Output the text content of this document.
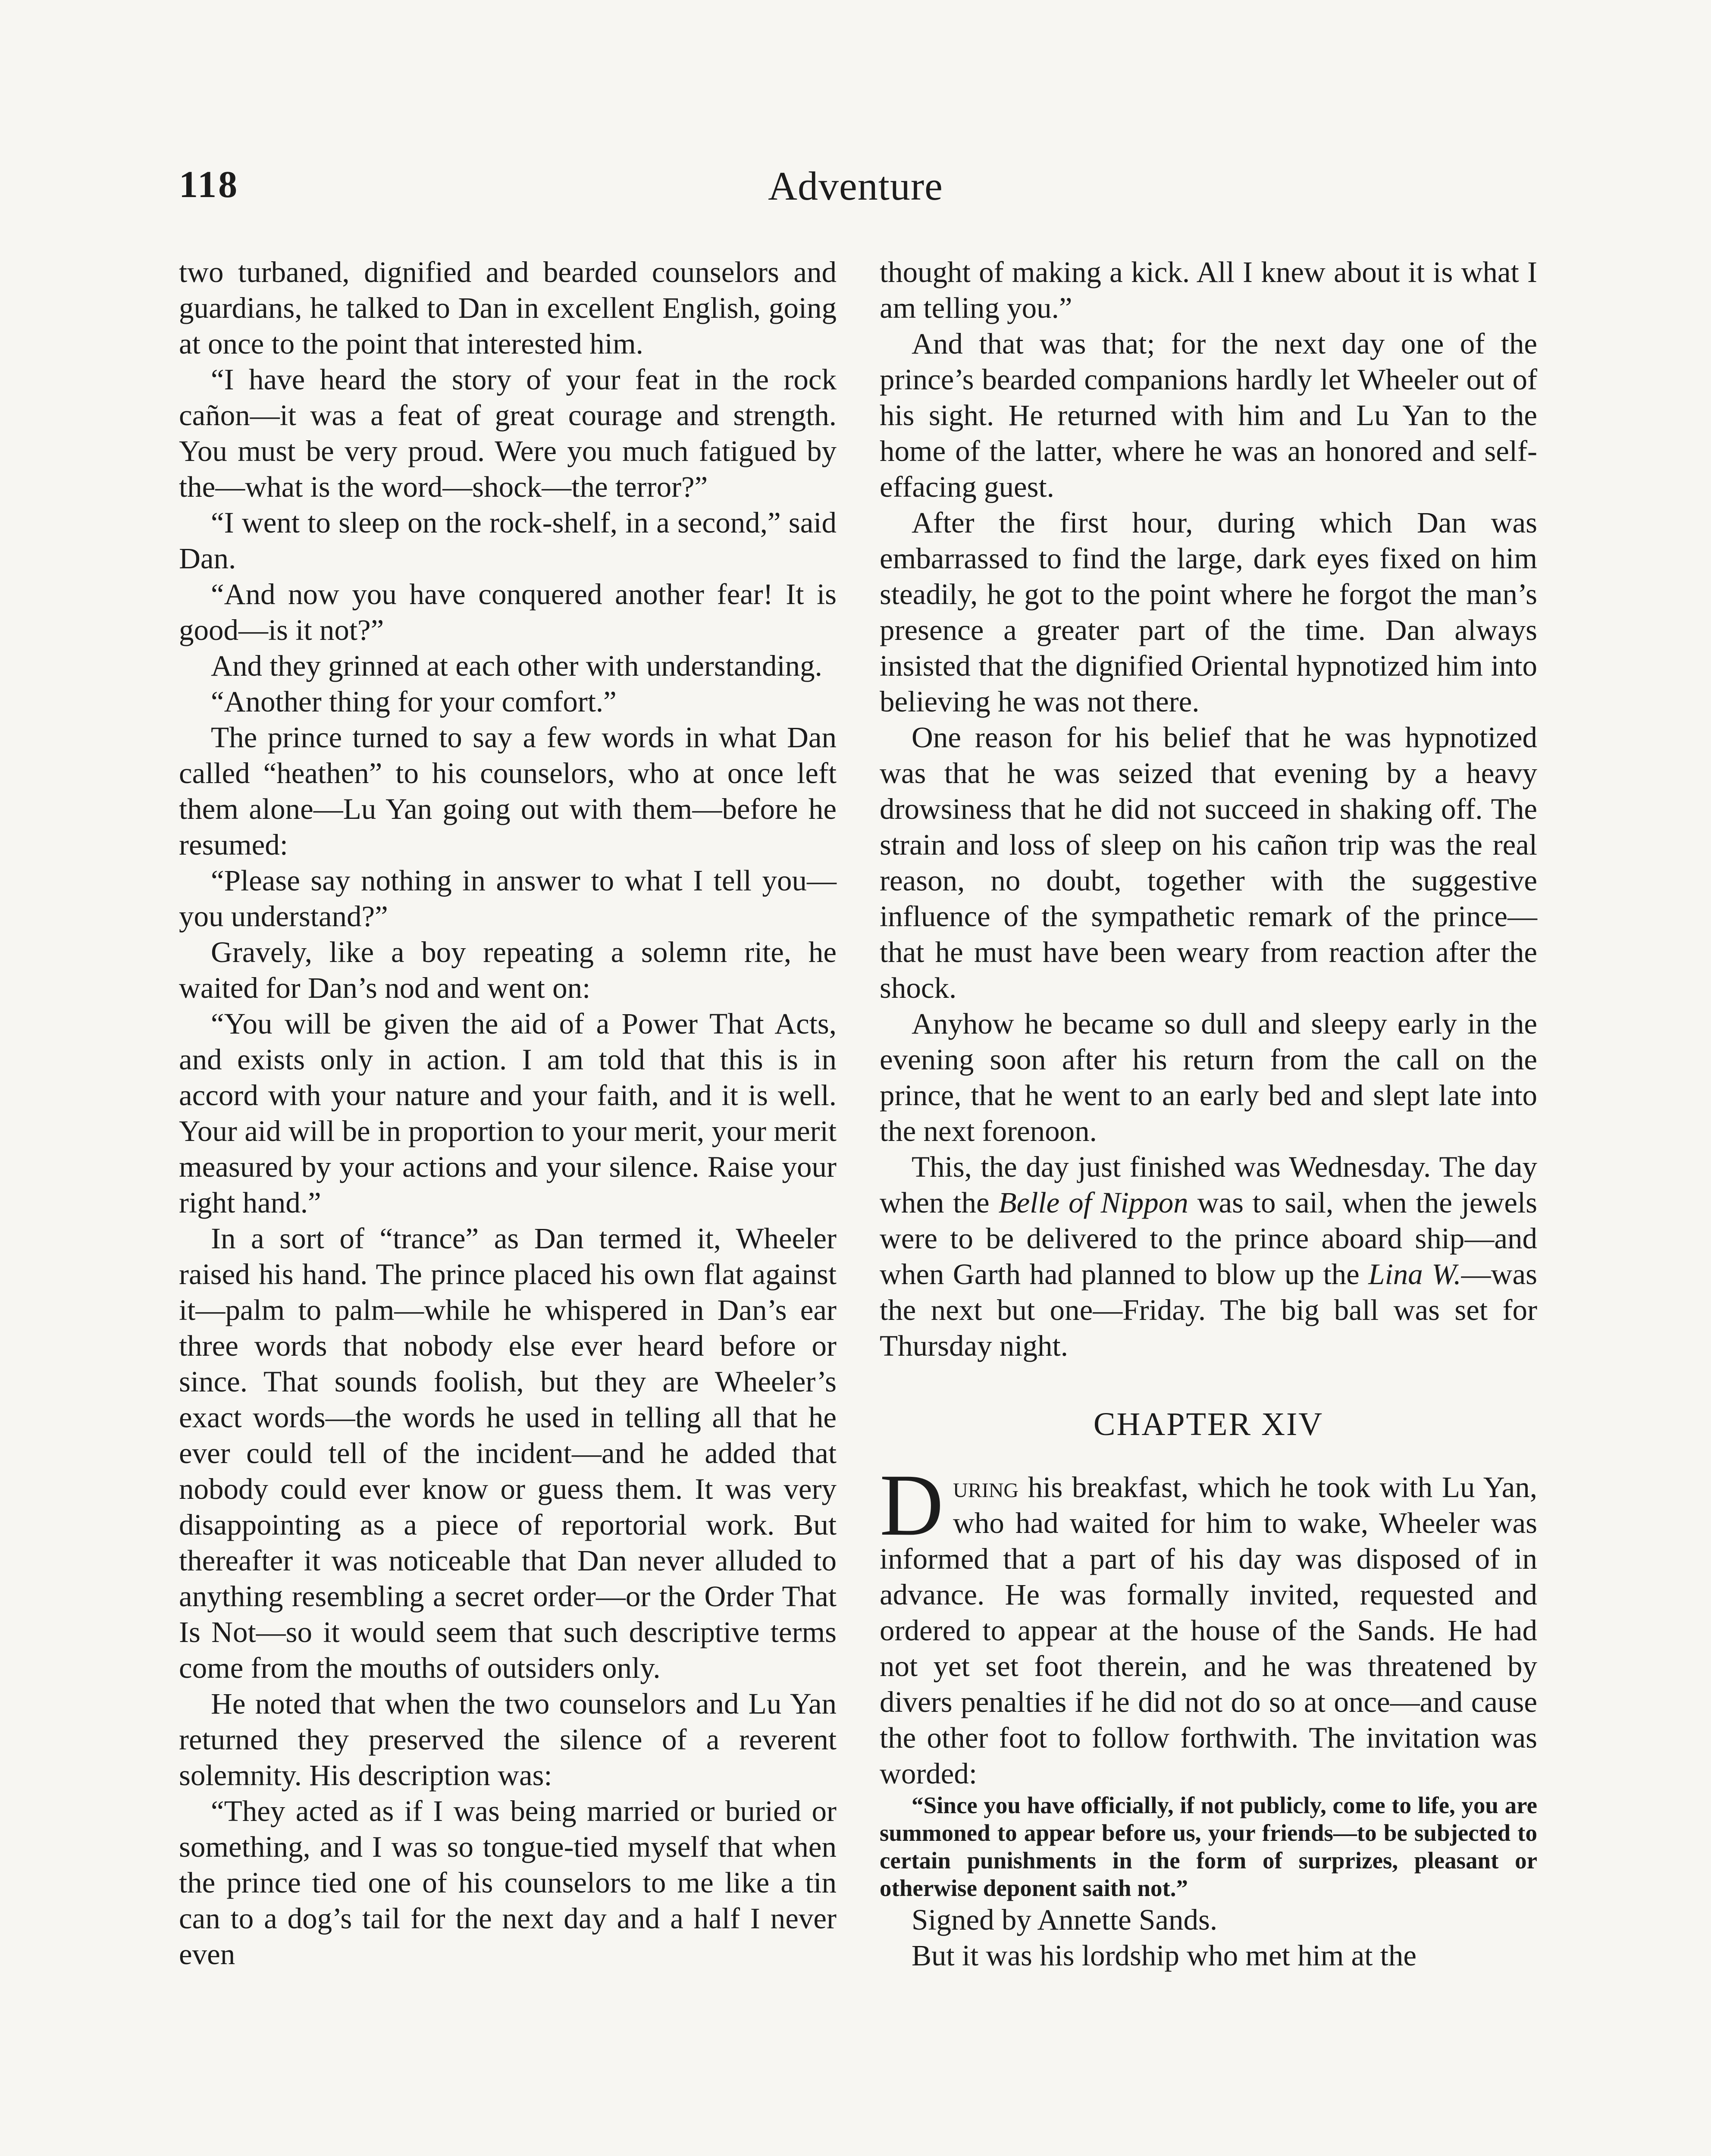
118	Adventure

two turbaned, dignified and bearded counselors and guardians, he talked to Dan in excellent English, going at once to the point that interested him.

“I have heard the story of your feat in the rock cañon—it was a feat of great courage and strength. You must be very proud. Were you much fatigued by the—what is the word—shock—the terror?”

“I went to sleep on the rock-shelf, in a second,” said Dan.

“And now you have conquered another fear! It is good—is it not?”

And they grinned at each other with understanding.

“Another thing for your comfort.”

The prince turned to say a few words in what Dan called “heathen” to his counselors, who at once left them alone—Lu Yan going out with them—before he resumed:

“Please say nothing in answer to what I tell you—you understand?”

Gravely, like a boy repeating a solemn rite, he waited for Dan’s nod and went on:

“You will be given the aid of a Power That Acts, and exists only in action. I am told that this is in accord with your nature and your faith, and it is well. Your aid will be in proportion to your merit, your merit measured by your actions and your silence. Raise your right hand.”

In a sort of “trance” as Dan termed it, Wheeler raised his hand. The prince placed his own flat against it—palm to palm—while he whispered in Dan’s ear three words that nobody else ever heard before or since. That sounds foolish, but they are Wheeler’s exact words—the words he used in telling all that he ever could tell of the incident—and he added that nobody could ever know or guess them. It was very disappointing as a piece of reportorial work. But thereafter it was noticeable that Dan never alluded to anything resembling a secret order—or the Order That Is Not—so it would seem that such descriptive terms come from the mouths of outsiders only.

He noted that when the two counselors and Lu Yan returned they preserved the silence of a reverent solemnity. His description was:

“They acted as if I was being married or buried or something, and I was so tongue-tied myself that when the prince tied one of his counselors to me like a tin can to a dog’s tail for the next day and a half I never even

thought of making a kick. All I knew about it is what I am telling you.”

And that was that; for the next day one of the prince’s bearded companions hardly let Wheeler out of his sight. He returned with him and Lu Yan to the home of the latter, where he was an honored and self-effacing guest.

After the first hour, during which Dan was embarrassed to find the large, dark eyes fixed on him steadily, he got to the point where he forgot the man’s presence a greater part of the time. Dan always insisted that the dignified Oriental hypnotized him into believing he was not there.

One reason for his belief that he was hypnotized was that he was seized that evening by a heavy drowsiness that he did not succeed in shaking off. The strain and loss of sleep on his cañon trip was the real reason, no doubt, together with the suggestive influence of the sympathetic remark of the prince—that he must have been weary from reaction after the shock.

Anyhow he became so dull and sleepy early in the evening soon after his return from the call on the prince, that he went to an early bed and slept late into the next forenoon.

This, the day just finished was Wednesday. The day when the Belle of Nippon was to sail, when the jewels were to be delivered to the prince aboard ship—and when Garth had planned to blow up the Lina W.—was the next but one—Friday. The big ball was set for Thursday night.

CHAPTER XIV

During his breakfast, which he took with Lu Yan, who had waited for him to wake, Wheeler was informed that a part of his day was disposed of in advance. He was formally invited, requested and ordered to appear at the house of the Sands. He had not yet set foot therein, and he was threatened by divers penalties if he did not do so at once—and cause the other foot to follow forthwith. The invitation was worded:

“Since you have officially, if not publicly, come to life, you are summoned to appear before us, your friends—to be subjected to certain punishments in the form of surprizes, pleasant or otherwise deponent saith not.”

Signed by Annette Sands.

But it was his lordship who met him at the
